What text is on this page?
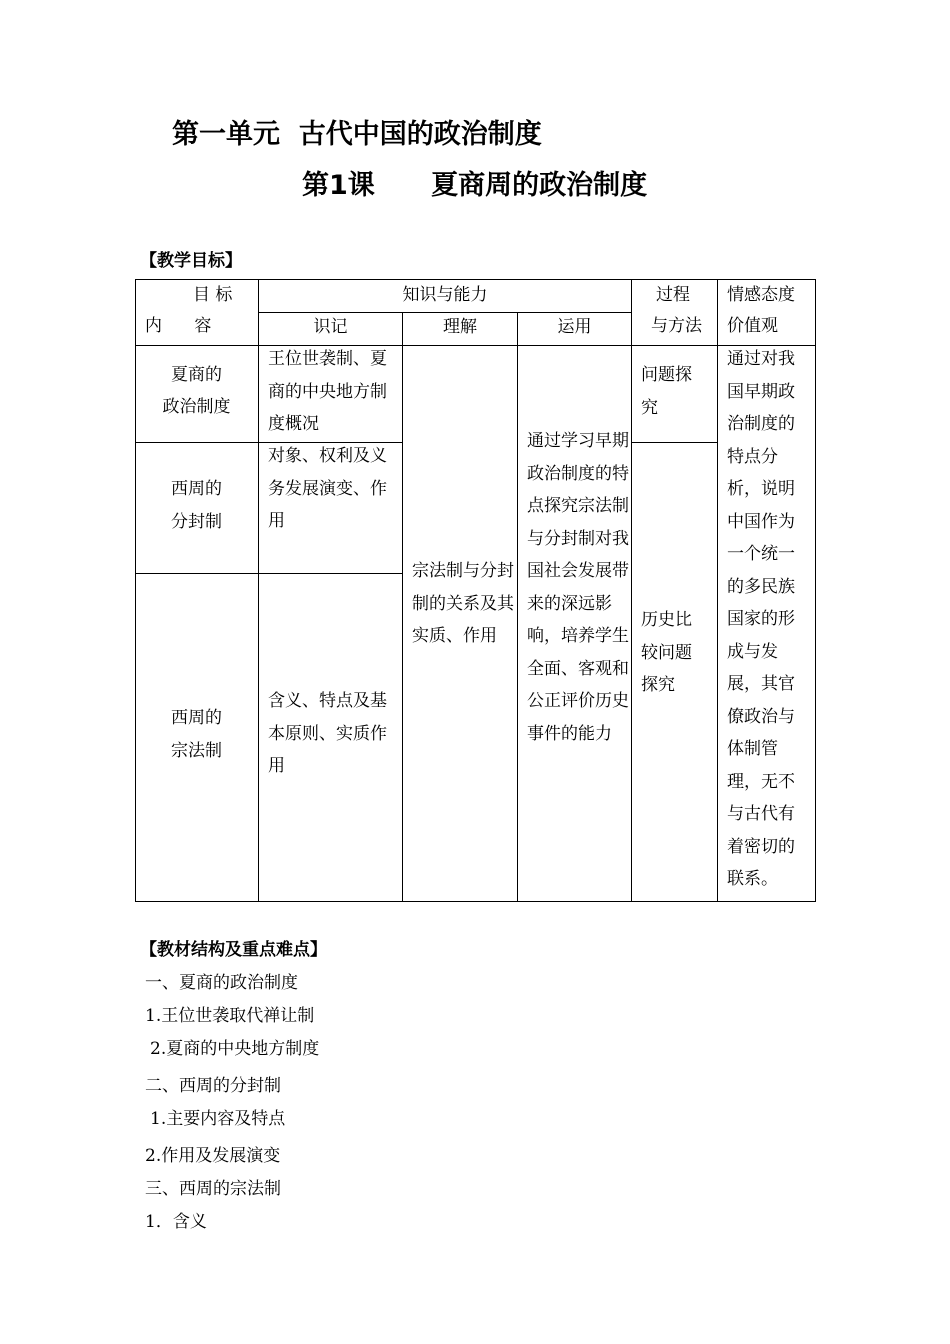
第一单元  古代中国的政治制度
第1课      夏商周的政治制度
【教学目标】
目 标
内      容
知识与能力
识记	理解	运用
过程
与方法
情感态度
价值观
夏商的
政治制度
王位世袭制、夏商的中央地方制度概况
问题探究
西周的
分封制
对象、权利及义务发展演变、作用
西周的
宗法制
含义、特点及基本原则、实质作用
宗法制与分封制的关系及其实质、作用
通过学习早期政治制度的特点探究宗法制与分封制对我国社会发展带来的深远影响，培养学生全面、客观和公正评价历史事件的能力
历史比较问题探究
通过对我国早期政治制度的特点分析，说明中国作为一个统一的多民族国家的形成与发展，其官僚政治与体制管理，无不与古代有着密切的联系。
【教材结构及重点难点】
一、夏商的政治制度
1.王位世袭取代禅让制
2.夏商的中央地方制度
二、西周的分封制
1.主要内容及特点
2.作用及发展演变
三、西周的宗法制
1．含义
